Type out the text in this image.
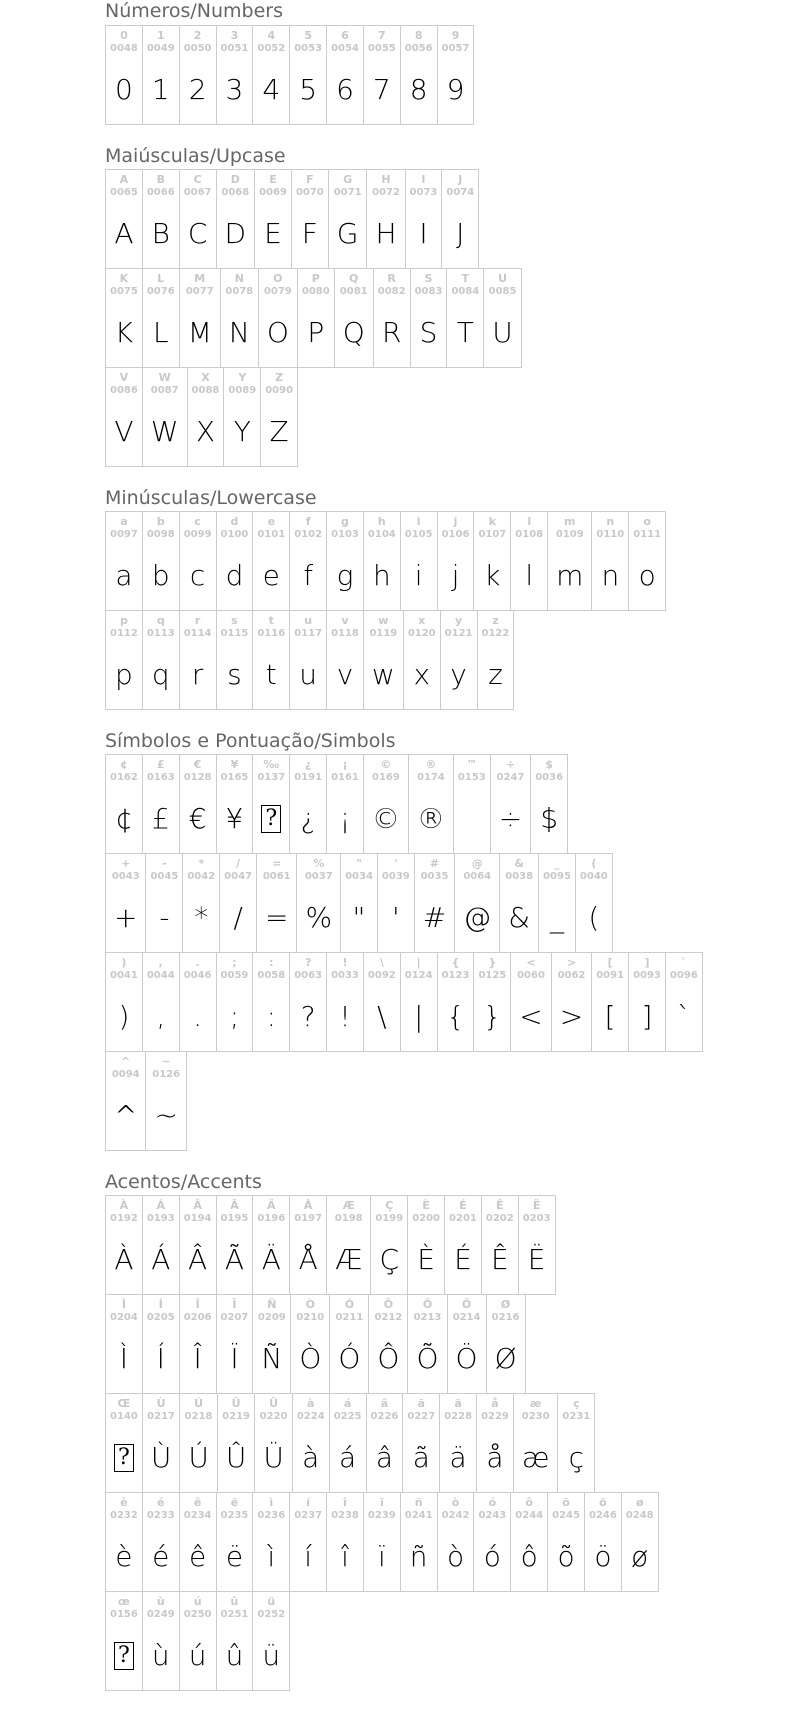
Números/Numbers
0
0048
0
1
0049
1
2
0050
2
3
0051
3
4
0052
4
5
0053
5
6
0054
6
7
0055
7
8
0056
8
9
0057
9
Maiúsculas/Upcase
A
0065
A
B
0066
B
C
0067
C
D
0068
D
E
0069
E
F
0070
F
G
0071
G
H
0072
H
I
0073
I
J
0074
J
K
0075
K
L
0076
L
M
0077
M
N
0078
N
O
0079
O
P
0080
P
Q
0081
Q
R
0082
R
S
0083
S
T
0084
T
U
0085
U
V
0086
V
W
0087
W
X
0088
X
Y
0089
Y
Z
0090
Z
Minúsculas/Lowercase
a
0097
a
b
0098
b
c
0099
c
d
0100
d
e
0101
e
f
0102
f
g
0103
g
h
0104
h
i
0105
i
j
0106
j
k
0107
k
l
0108
l
m
0109
m
n
0110
n
o
0111
o
p
0112
p
q
0113
q
r
0114
r
s
0115
s
t
0116
t
u
0117
u
v
0118
v
w
0119
w
x
0120
x
y
0121
y
z
0122
z
Símbolos e Pontuação/Simbols
¢
0162
¢
£
0163
£
€
0128
€
¥
0165
¥
‰
0137
?
¿
0191
¿
¡
0161
¡
©
0169
©
®
0174
®
™
0153
÷
0247
÷
$
0036
$
+
0043
+
-
0045
-
*
0042
*
/
0047
/
=
0061
=
%
0037
%
"
0034
"
'
0039
'
#
0035
#
@
0064
@
&
0038
&
_
0095
_
(
0040
(
)
0041
)
,
0044
,
.
0046
.
;
0059
;
:
0058
:
?
0063
?
!
0033
!
\
0092
\
|
0124
|
{
0123
{
}
0125
}
<
0060
<
>
0062
>
[
0091
[
]
0093
]
`
0096
`
^
0094
^
~
0126
~
Acentos/Accents
À
0192
À
Á
0193
Á
Â
0194
Â
Ã
0195
Ã
Ä
0196
Ä
Å
0197
Å
Æ
0198
Æ
Ç
0199
Ç
È
0200
È
É
0201
É
Ê
0202
Ê
Ë
0203
Ë
Ì
0204
Ì
Í
0205
Í
Î
0206
Î
Ï
0207
Ï
Ñ
0209
Ñ
Ò
0210
Ò
Ó
0211
Ó
Ô
0212
Ô
Õ
0213
Õ
Ö
0214
Ö
Ø
0216
Ø
Œ
0140
?
Ù
0217
Ù
Ú
0218
Ú
Û
0219
Û
Ü
0220
Ü
à
0224
à
á
0225
á
â
0226
â
ã
0227
ã
ä
0228
ä
å
0229
å
æ
0230
æ
ç
0231
ç
è
0232
è
é
0233
é
ê
0234
ê
ë
0235
ë
ì
0236
ì
í
0237
í
î
0238
î
ï
0239
ï
ñ
0241
ñ
ò
0242
ò
ó
0243
ó
ô
0244
ô
õ
0245
õ
ö
0246
ö
ø
0248
ø
œ
0156
?
ù
0249
ù
ú
0250
ú
û
0251
û
ü
0252
ü
